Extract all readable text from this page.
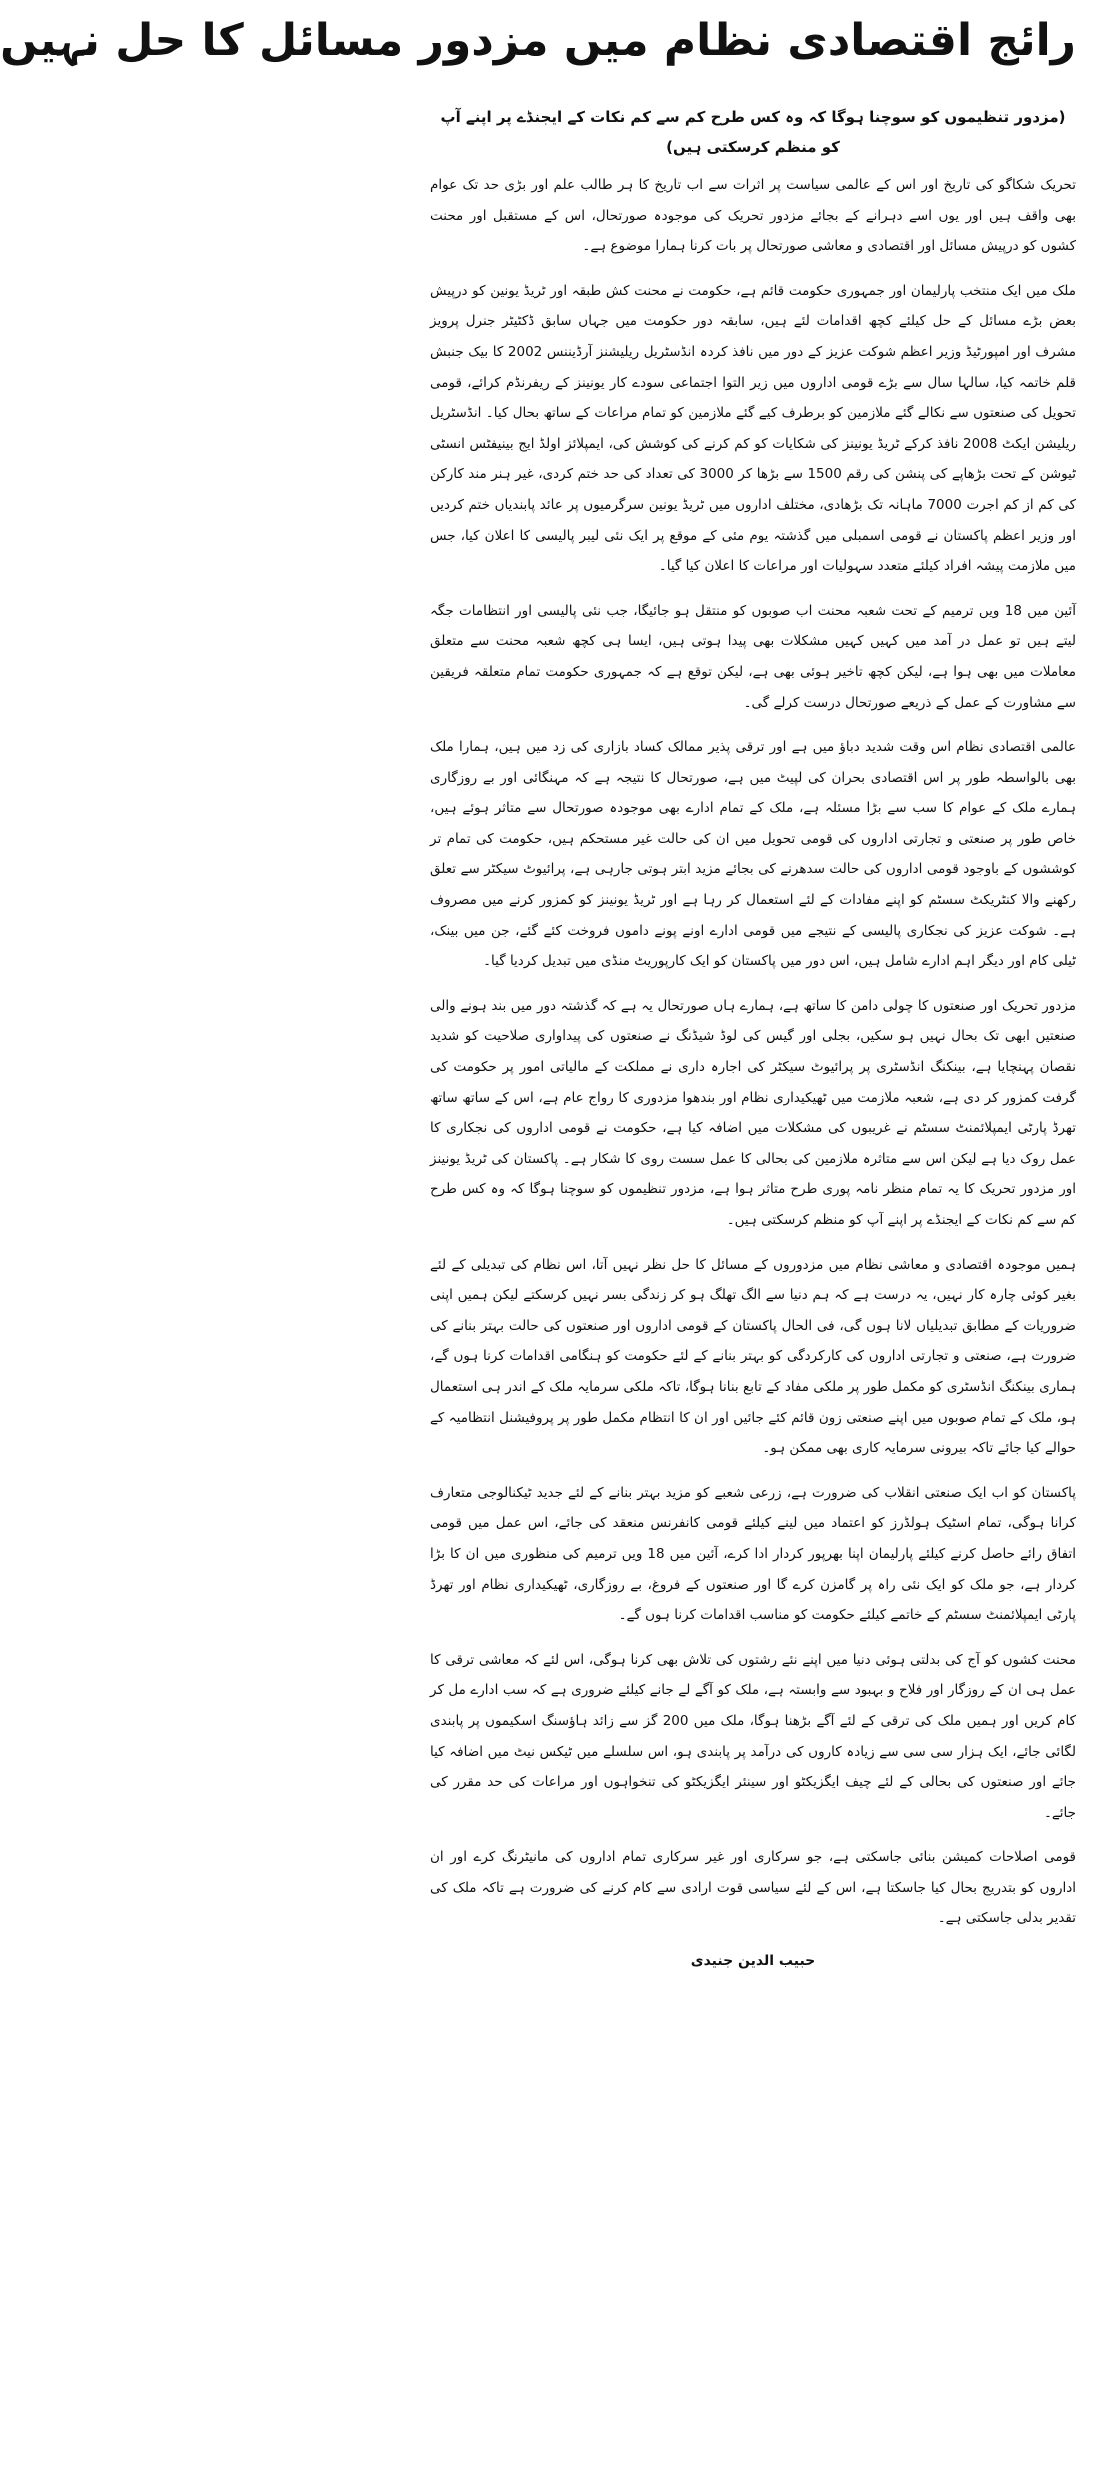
رائج اقتصادی نظام میں مزدور مسائل کا حل نہیں
(مزدور تنظیموں کو سوچنا ہوگا کہ وہ کس طرح کم سے کم نکات کے ایجنڈے پر اپنے آپ کو منظم کرسکتی ہیں)

تحریک شکاگو کی تاریخ اور اس کے عالمی سیاست پر اثرات سے اب تاریخ کا ہر طالب علم اور بڑی حد تک عوام بھی واقف ہیں اور یوں اسے دہرانے کے بجائے مزدور تحریک کی موجودہ صورتحال، اس کے مستقبل اور محنت کشوں کو درپیش مسائل اور اقتصادی و معاشی صورتحال پر بات کرنا ہمارا موضوع ہے۔

ملک میں ایک منتخب پارلیمان اور جمہوری حکومت قائم ہے، حکومت نے محنت کش طبقہ اور ٹریڈ یونین کو درپیش بعض بڑے مسائل کے حل کیلئے کچھ اقدامات لئے ہیں، سابقہ دور حکومت میں جہاں سابق ڈکٹیٹر جنرل پرویز مشرف اور امپورٹیڈ وزیر اعظم شوکت عزیز کے دور میں نافذ کردہ انڈسٹریل ریلیشنز آرڈیننس 2002 کا بیک جنبش قلم خاتمہ کیا، سالہا سال سے بڑے قومی اداروں میں زیر التوا اجتماعی سودے کار یونینز کے ریفرنڈم کرائے، قومی تحویل کی صنعتوں سے نکالے گئے ملازمین کو برطرف کیے گئے ملازمین کو تمام مراعات کے ساتھ بحال کیا۔ انڈسٹریل ریلیشن ایکٹ 2008 نافذ کرکے ٹریڈ یونینز کی شکایات کو کم کرنے کی کوشش کی، ایمپلائز اولڈ ایج بینیفٹس انسٹی ٹیوشن کے تحت بڑھاپے کی پنشن کی رقم 1500 سے بڑھا کر 3000 کی تعداد کی حد ختم کردی، غیر ہنر مند کارکن کی کم از کم اجرت 7000 ماہانہ تک بڑھادی، مختلف اداروں میں ٹریڈ یونین سرگرمیوں پر عائد پابندیاں ختم کردیں اور وزیر اعظم پاکستان نے قومی اسمبلی میں گذشتہ یوم مئی کے موقع پر ایک نئی لیبر پالیسی کا اعلان کیا، جس میں ملازمت پیشہ افراد کیلئے متعدد سہولیات اور مراعات کا اعلان کیا گیا۔

آئین میں 18 ویں ترمیم کے تحت شعبہ محنت اب صوبوں کو منتقل ہو جائیگا، جب نئی پالیسی اور انتظامات جگہ لیتے ہیں تو عمل در آمد میں کہیں کہیں مشکلات بھی پیدا ہوتی ہیں، ایسا ہی کچھ شعبہ محنت سے متعلق معاملات میں بھی ہوا ہے، لیکن کچھ تاخیر ہوئی بھی ہے، لیکن توقع ہے کہ جمہوری حکومت تمام متعلقہ فریقین سے مشاورت کے عمل کے ذریعے صورتحال درست کرلے گی۔

عالمی اقتصادی نظام اس وقت شدید دباؤ میں ہے اور ترقی پذیر ممالک کساد بازاری کی زد میں ہیں، ہمارا ملک بھی بالواسطہ طور پر اس اقتصادی بحران کی لپیٹ میں ہے، صورتحال کا نتیجہ ہے کہ مہنگائی اور بے روزگاری ہمارے ملک کے عوام کا سب سے بڑا مسئلہ ہے، ملک کے تمام ادارے بھی موجودہ صورتحال سے متاثر ہوئے ہیں، خاص طور پر صنعتی و تجارتی اداروں کی قومی تحویل میں ان کی حالت غیر مستحکم ہیں، حکومت کی تمام تر کوششوں کے باوجود قومی اداروں کی حالت سدھرنے کی بجائے مزید ابتر ہوتی جارہی ہے، پرائیوٹ سیکٹر سے تعلق رکھنے والا کنٹریکٹ سسٹم کو اپنے مفادات کے لئے استعمال کر رہا ہے اور ٹریڈ یونینز کو کمزور کرنے میں مصروف ہے۔ شوکت عزیز کی نجکاری پالیسی کے نتیجے میں قومی ادارے اونے پونے داموں فروخت کئے گئے، جن میں بینک، ٹیلی کام اور دیگر اہم ادارے شامل ہیں، اس دور میں پاکستان کو ایک کارپوریٹ منڈی میں تبدیل کردیا گیا۔

مزدور تحریک اور صنعتوں کا چولی دامن کا ساتھ ہے، ہمارے ہاں صورتحال یہ ہے کہ گذشتہ دور میں بند ہونے والی صنعتیں ابھی تک بحال نہیں ہو سکیں، بجلی اور گیس کی لوڈ شیڈنگ نے صنعتوں کی پیداواری صلاحیت کو شدید نقصان پہنچایا ہے، بینکنگ انڈسٹری پر پرائیوٹ سیکٹر کی اجارہ داری نے مملکت کے مالیاتی امور پر حکومت کی گرفت کمزور کر دی ہے، شعبہ ملازمت میں ٹھیکیداری نظام اور بندھوا مزدوری کا رواج عام ہے، اس کے ساتھ ساتھ تھرڈ پارٹی ایمپلائمنٹ سسٹم نے غریبوں کی مشکلات میں اضافہ کیا ہے، حکومت نے قومی اداروں کی نجکاری کا عمل روک دیا ہے لیکن اس سے متاثرہ ملازمین کی بحالی کا عمل سست روی کا شکار ہے۔ پاکستان کی ٹریڈ یونینز اور مزدور تحریک کا یہ تمام منظر نامہ پوری طرح متاثر ہوا ہے، مزدور تنظیموں کو سوچنا ہوگا کہ وہ کس طرح کم سے کم نکات کے ایجنڈے پر اپنے آپ کو منظم کرسکتی ہیں۔

ہمیں موجودہ اقتصادی و معاشی نظام میں مزدوروں کے مسائل کا حل نظر نہیں آتا، اس نظام کی تبدیلی کے لئے بغیر کوئی چارہ کار نہیں، یہ درست ہے کہ ہم دنیا سے الگ تھلگ ہو کر زندگی بسر نہیں کرسکتے لیکن ہمیں اپنی ضروریات کے مطابق تبدیلیاں لانا ہوں گی، فی الحال پاکستان کے قومی اداروں اور صنعتوں کی حالت بہتر بنانے کی ضرورت ہے، صنعتی و تجارتی اداروں کی کارکردگی کو بہتر بنانے کے لئے حکومت کو ہنگامی اقدامات کرنا ہوں گے، ہماری بینکنگ انڈسٹری کو مکمل طور پر ملکی مفاد کے تابع بنانا ہوگا، تاکہ ملکی سرمایہ ملک کے اندر ہی استعمال ہو، ملک کے تمام صوبوں میں اپنے صنعتی زون قائم کئے جائیں اور ان کا انتظام مکمل طور پر پروفیشنل انتظامیہ کے حوالے کیا جائے تاکہ بیرونی سرمایہ کاری بھی ممکن ہو۔

پاکستان کو اب ایک صنعتی انقلاب کی ضرورت ہے، زرعی شعبے کو مزید بہتر بنانے کے لئے جدید ٹیکنالوجی متعارف کرانا ہوگی، تمام اسٹیک ہولڈرز کو اعتماد میں لینے کیلئے قومی کانفرنس منعقد کی جائے، اس عمل میں قومی اتفاق رائے حاصل کرنے کیلئے پارلیمان اپنا بھرپور کردار ادا کرے، آئین میں 18 ویں ترمیم کی منظوری میں ان کا بڑا کردار ہے، جو ملک کو ایک نئی راہ پر گامزن کرے گا اور صنعتوں کے فروغ، بے روزگاری، ٹھیکیداری نظام اور تھرڈ پارٹی ایمپلائمنٹ سسٹم کے خاتمے کیلئے حکومت کو مناسب اقدامات کرنا ہوں گے۔

محنت کشوں کو آج کی بدلتی ہوئی دنیا میں اپنے نئے رشتوں کی تلاش بھی کرنا ہوگی، اس لئے کہ معاشی ترقی کا عمل ہی ان کے روزگار اور فلاح و بہبود سے وابستہ ہے، ملک کو آگے لے جانے کیلئے ضروری ہے کہ سب ادارے مل کر کام کریں اور ہمیں ملک کی ترقی کے لئے آگے بڑھنا ہوگا، ملک میں 200 گز سے زائد ہاؤسنگ اسکیموں پر پابندی لگائی جائے، ایک ہزار سی سی سے زیادہ کاروں کی درآمد پر پابندی ہو، اس سلسلے میں ٹیکس نیٹ میں اضافہ کیا جائے اور صنعتوں کی بحالی کے لئے چیف ایگزیکٹو اور سینئر ایگزیکٹو کی تنخواہوں اور مراعات کی حد مقرر کی جائے۔

قومی اصلاحات کمیشن بنائی جاسکتی ہے، جو سرکاری اور غیر سرکاری تمام اداروں کی مانیٹرنگ کرے اور ان اداروں کو بتدریج بحال کیا جاسکتا ہے، اس کے لئے سیاسی قوت ارادی سے کام کرنے کی ضرورت ہے تاکہ ملک کی تقدیر بدلی جاسکتی ہے۔

حبیب الدین جنیدی
